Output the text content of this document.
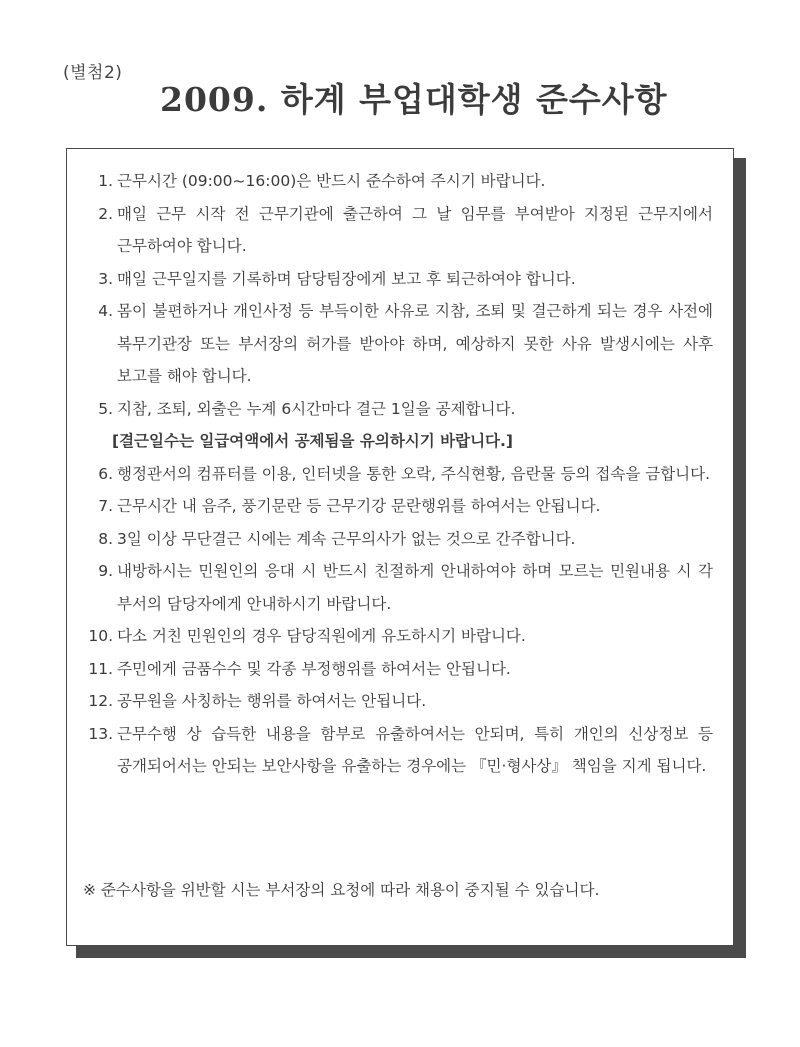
(별첨2)
2009. 하계 부업대학생 준수사항
1. 근무시간 (09:00~16:00)은 반드시 준수하여 주시기 바랍니다.
2. 매일 근무 시작 전 근무기관에 출근하여 그 날 임무를 부여받아 지정된 근무지에서 근무하여야 합니다.
3. 매일 근무일지를 기록하며 담당팀장에게 보고 후 퇴근하여야 합니다.
4. 몸이 불편하거나 개인사정 등 부득이한 사유로 지참, 조퇴 및 결근하게 되는 경우 사전에 복무기관장 또는 부서장의 허가를 받아야 하며, 예상하지 못한 사유 발생시에는 사후 보고를 해야 합니다.
5. 지참, 조퇴, 외출은 누계 6시간마다 결근 1일을 공제합니다.
[결근일수는 일급여액에서 공제됨을 유의하시기 바랍니다.]
6. 행정관서의 컴퓨터를 이용, 인터넷을 통한 오락, 주식현황, 음란물 등의 접속을 금합니다.
7. 근무시간 내 음주, 풍기문란 등 근무기강 문란행위를 하여서는 안됩니다.
8. 3일 이상 무단결근 시에는 계속 근무의사가 없는 것으로 간주합니다.
9. 내방하시는 민원인의 응대 시 반드시 친절하게 안내하여야 하며 모르는 민원내용 시 각 부서의 담당자에게 안내하시기 바랍니다.
10. 다소 거친 민원인의 경우 담당직원에게 유도하시기 바랍니다.
11. 주민에게 금품수수 및 각종 부정행위를 하여서는 안됩니다.
12. 공무원을 사칭하는 행위를 하여서는 안됩니다.
13. 근무수행 상 습득한 내용을 함부로 유출하여서는 안되며, 특히 개인의 신상정보 등 공개되어서는 안되는 보안사항을 유출하는 경우에는 『민·형사상』 책임을 지게 됩니다.
※ 준수사항을 위반할 시는 부서장의 요청에 따라 채용이 중지될 수 있습니다.
